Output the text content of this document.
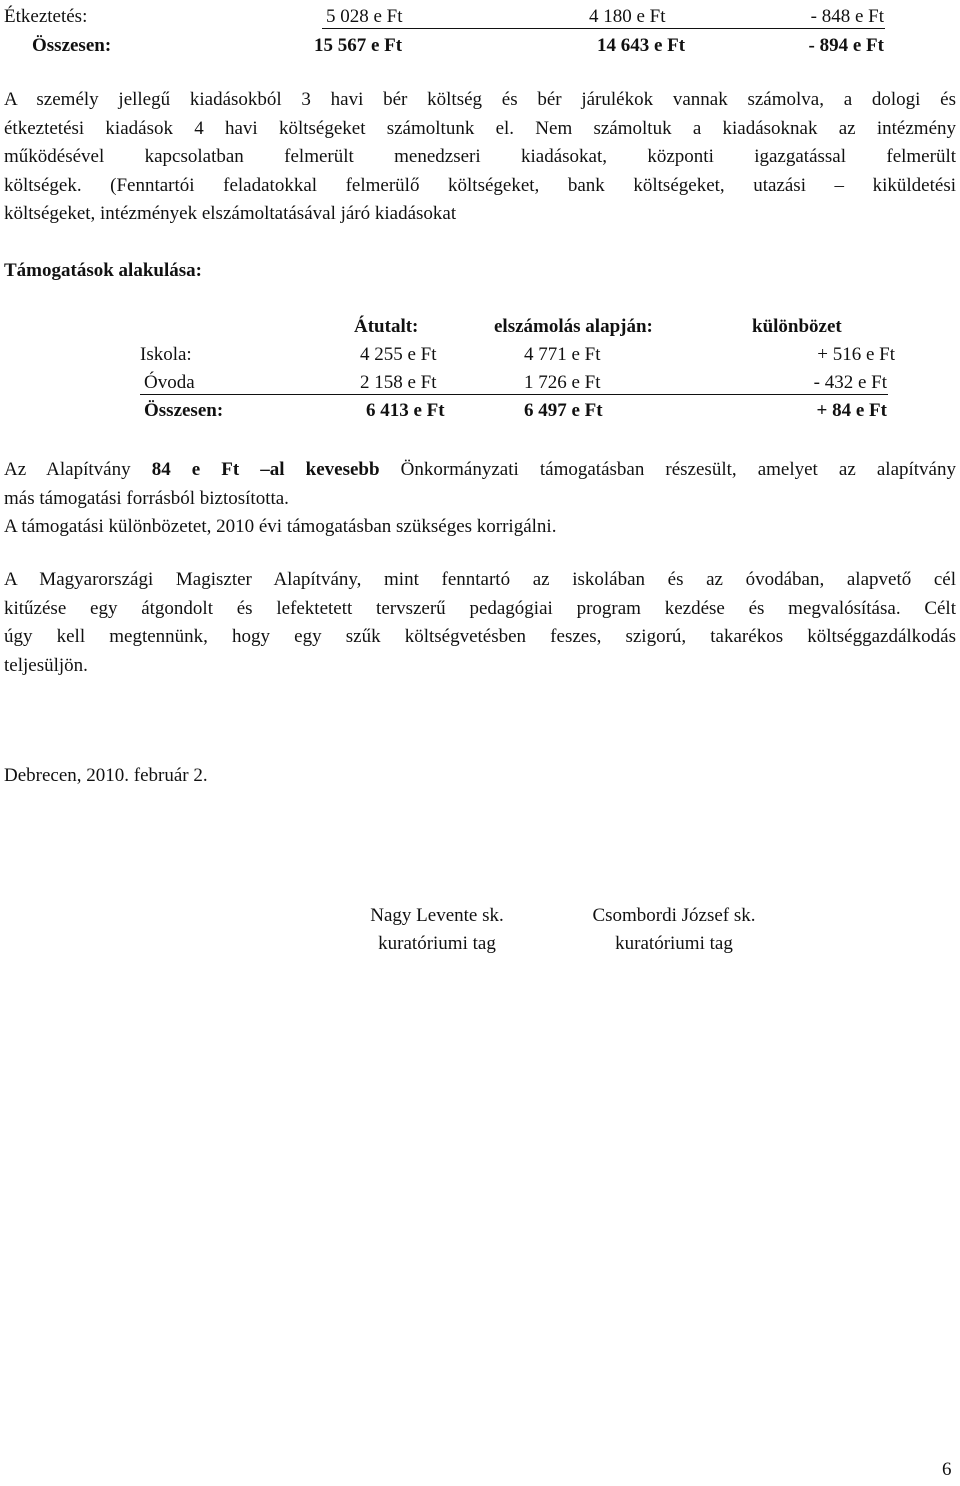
Étkeztetés:	5 028 e Ft	4 180 e Ft	- 848 e Ft
Összesen:	15 567 e Ft	14 643 e Ft	- 894 e Ft
A személy jellegű kiadásokból 3 havi bér költség és bér járulékok vannak számolva, a dologi és
étkeztetési kiadások 4 havi költségeket számoltunk el. Nem számoltuk a kiadásoknak az intézmény
működésével kapcsolatban felmerült menedzseri kiadásokat, központi igazgatással felmerült
költségek. (Fenntartói feladatokkal felmerülő költségeket, bank költségeket, utazási – kiküldetési
költségeket, intézmények elszámoltatásával járó kiadásokat
Támogatások alakulása:
Átutalt:	elszámolás alapján:	különbözet
Iskola:	4 255 e Ft	4 771 e Ft	+ 516 e Ft
Óvoda	2 158 e Ft	1 726 e Ft	- 432 e Ft
Összesen:	6 413 e Ft	6 497 e Ft	+ 84 e Ft
Az Alapítvány 84 e Ft –al kevesebb Önkormányzati támogatásban részesült, amelyet az alapítvány
más támogatási forrásból biztosította.
A támogatási különbözetet, 2010 évi támogatásban szükséges korrigálni.
A Magyarországi Magiszter Alapítvány, mint fenntartó az iskolában és az óvodában, alapvető cél
kitűzése egy átgondolt és lefektetett tervszerű pedagógiai program kezdése és megvalósítása. Célt
úgy kell megtennünk, hogy egy szűk költségvetésben feszes, szigorú, takarékos költséggazdálkodás
teljesüljön.
Debrecen, 2010. február 2.
Nagy Levente sk.
kuratóriumi tag
Csombordi József sk.
kuratóriumi tag
6
